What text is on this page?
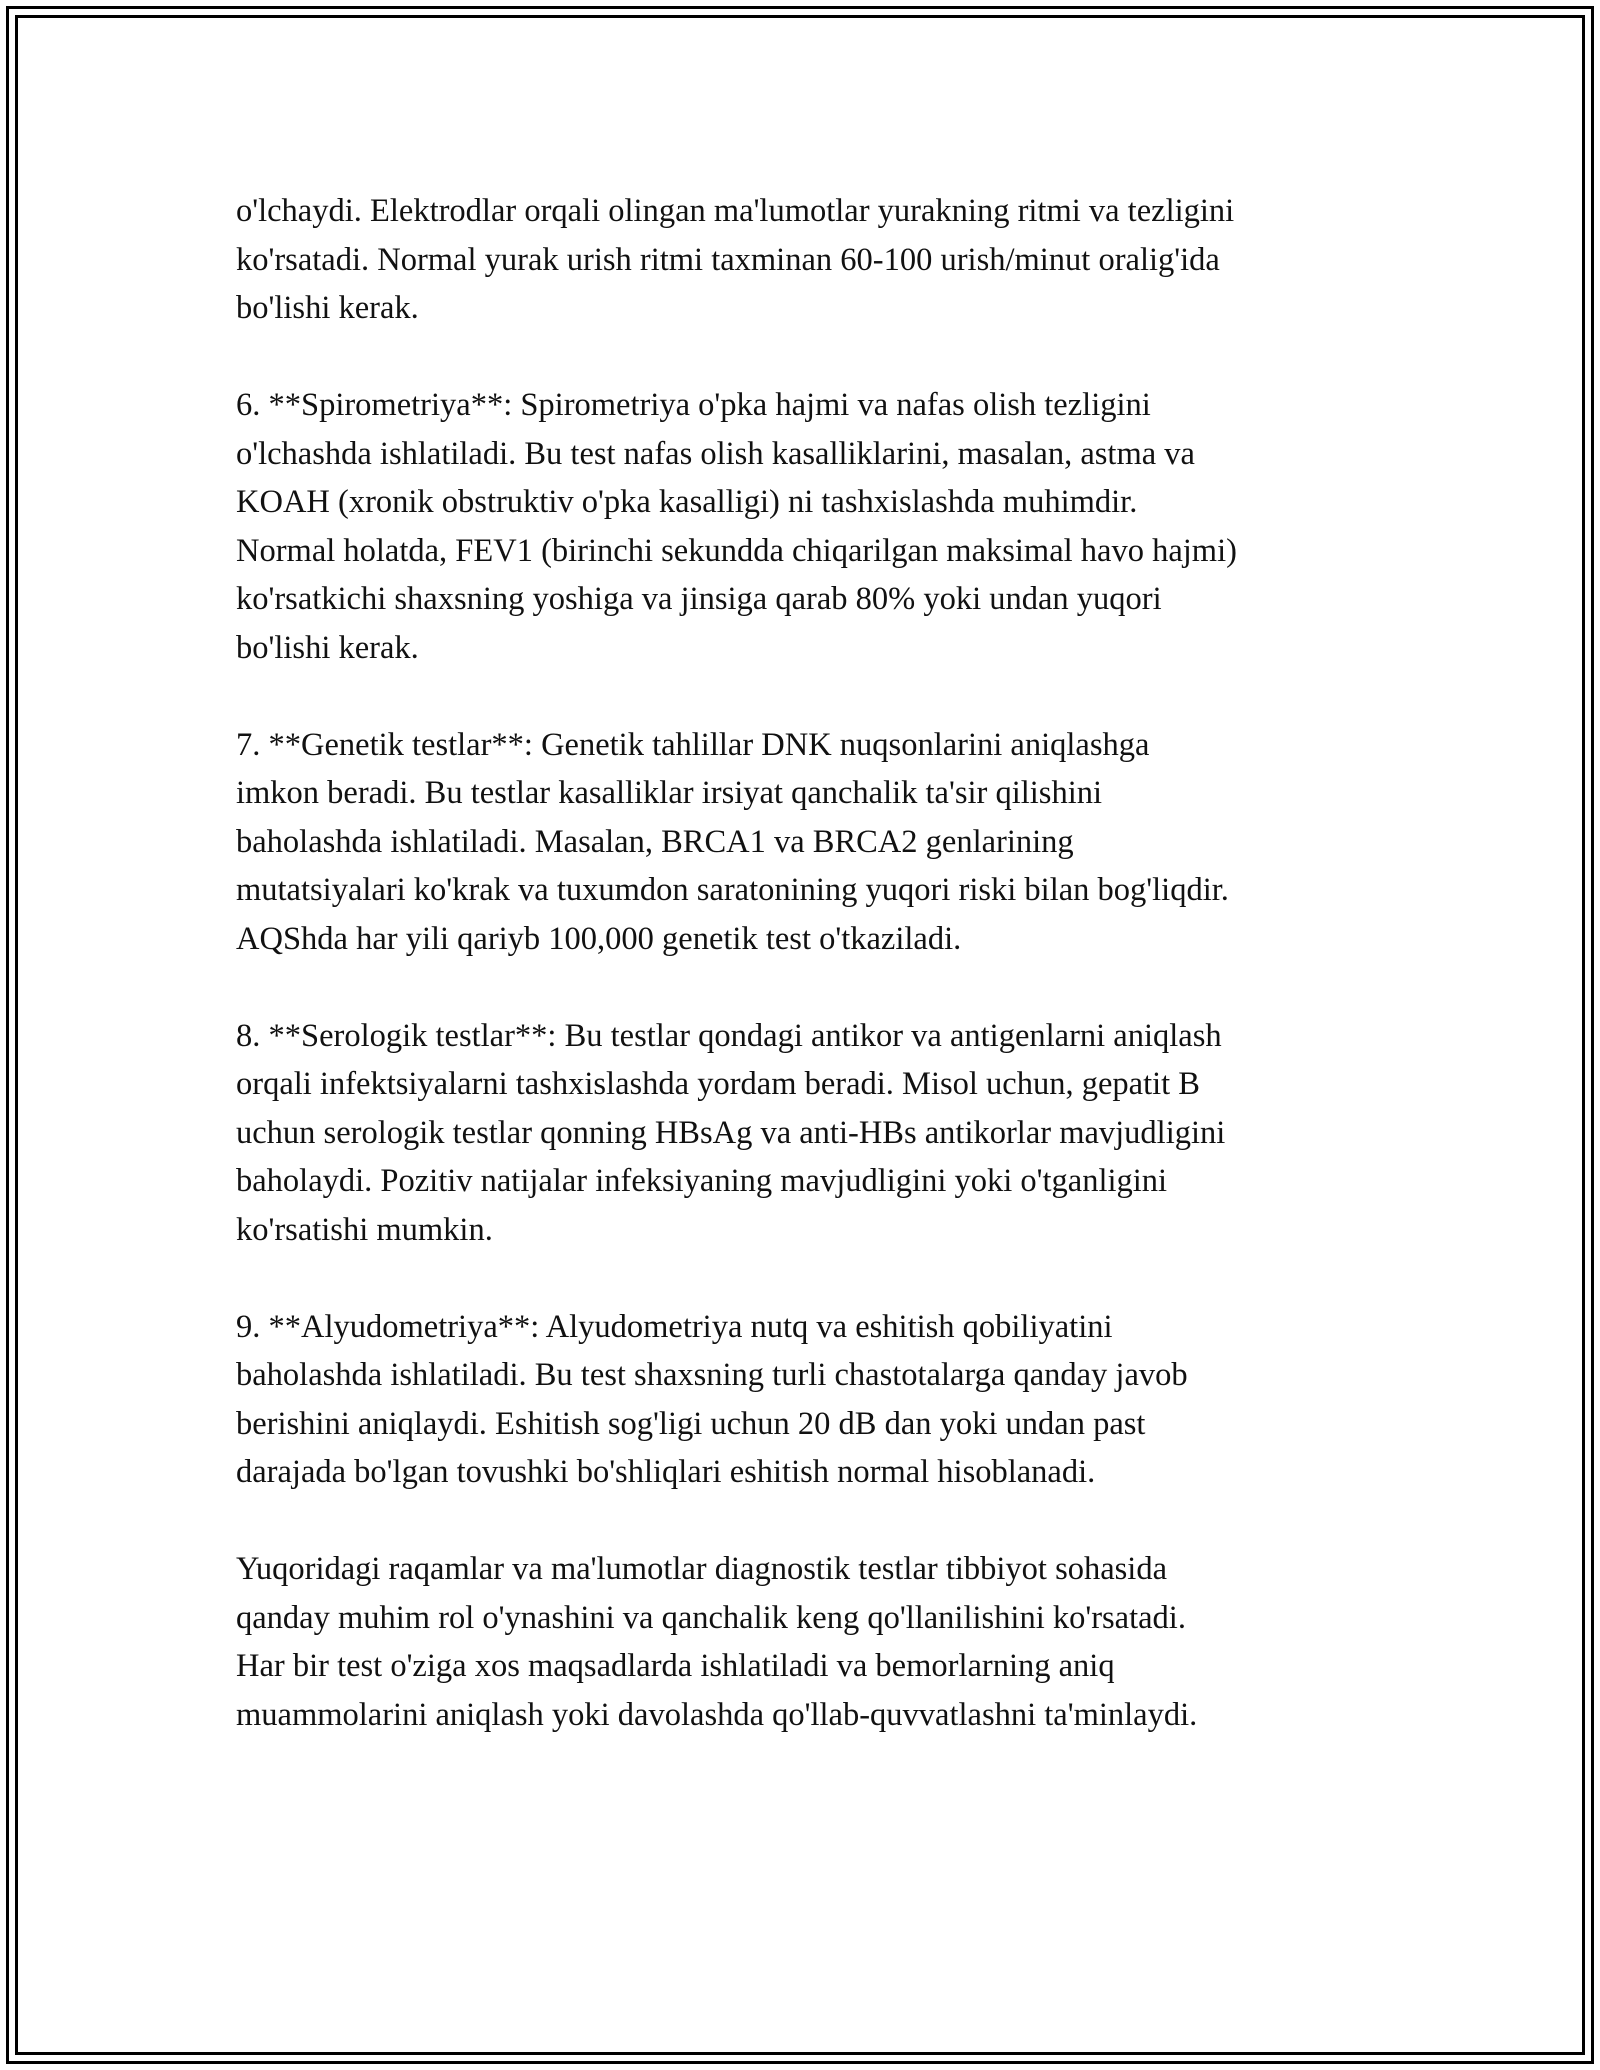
o'lchaydi. Elektrodlar orqali olingan ma'lumotlar yurakning ritmi va tezligini
ko'rsatadi. Normal yurak urish ritmi taxminan 60-100 urish/minut oralig'ida
bo'lishi kerak.

6. **Spirometriya**: Spirometriya o'pka hajmi va nafas olish tezligini
o'lchashda ishlatiladi. Bu test nafas olish kasalliklarini, masalan, astma va
KOAH (xronik obstruktiv o'pka kasalligi) ni tashxislashda muhimdir.
Normal holatda, FEV1 (birinchi sekundda chiqarilgan maksimal havo hajmi)
ko'rsatkichi shaxsning yoshiga va jinsiga qarab 80% yoki undan yuqori
bo'lishi kerak.

7. **Genetik testlar**: Genetik tahlillar DNK nuqsonlarini aniqlashga
imkon beradi. Bu testlar kasalliklar irsiyat qanchalik ta'sir qilishini
baholashda ishlatiladi. Masalan, BRCA1 va BRCA2 genlarining
mutatsiyalari ko'krak va tuxumdon saratonining yuqori riski bilan bog'liqdir.
AQShda har yili qariyb 100,000 genetik test o'tkaziladi.

8. **Serologik testlar**: Bu testlar qondagi antikor va antigenlarni aniqlash
orqali infektsiyalarni tashxislashda yordam beradi. Misol uchun, gepatit B
uchun serologik testlar qonning HBsAg va anti-HBs antikorlar mavjudligini
baholaydi. Pozitiv natijalar infeksiyaning mavjudligini yoki o'tganligini
ko'rsatishi mumkin.

9. **Alyudometriya**: Alyudometriya nutq va eshitish qobiliyatini
baholashda ishlatiladi. Bu test shaxsning turli chastotalarga qanday javob
berishini aniqlaydi. Eshitish sog'ligi uchun 20 dB dan yoki undan past
darajada bo'lgan tovushki bo'shliqlari eshitish normal hisoblanadi.

Yuqoridagi raqamlar va ma'lumotlar diagnostik testlar tibbiyot sohasida
qanday muhim rol o'ynashini va qanchalik keng qo'llanilishini ko'rsatadi.
Har bir test o'ziga xos maqsadlarda ishlatiladi va bemorlarning aniq
muammolarini aniqlash yoki davolashda qo'llab-quvvatlashni ta'minlaydi.
